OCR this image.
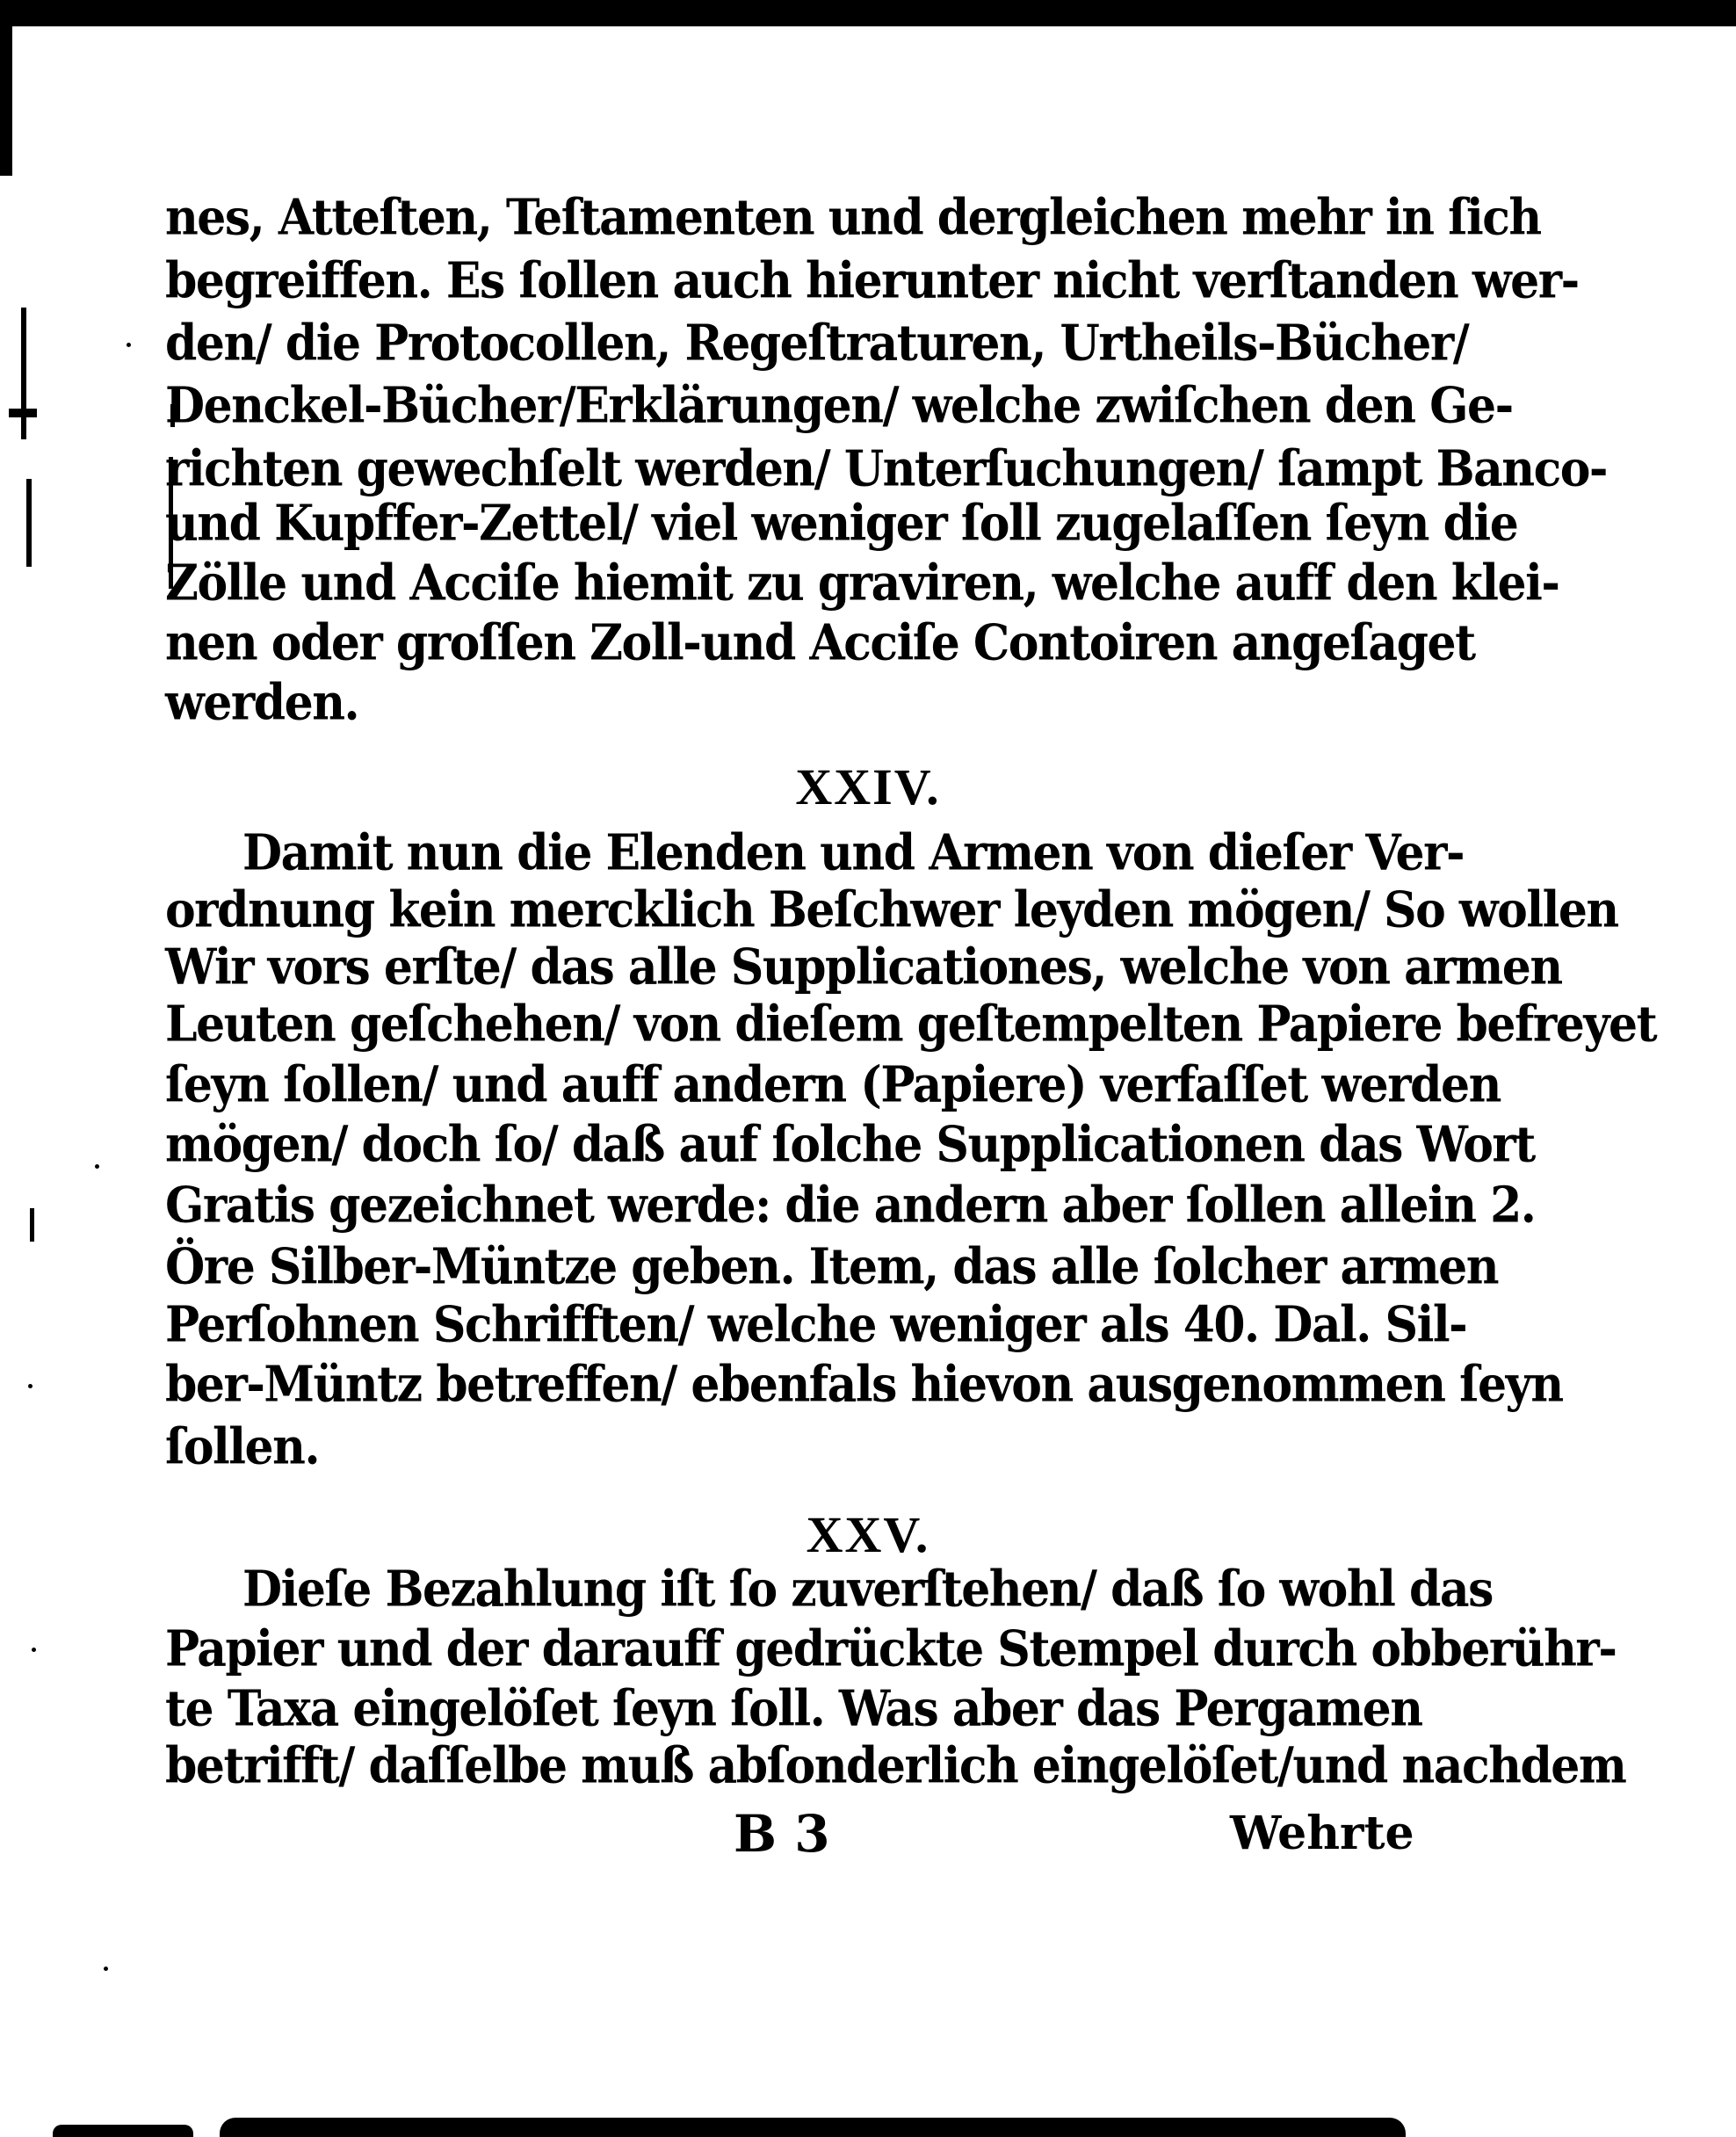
nes, Atteſten, Teſtamenten und dergleichen mehr in ſich
begreiffen. Es ſollen auch hierunter nicht verſtanden wer-
den/ die Protocollen, Regeſtraturen, Urtheils-Bücher/
Denckel-Bücher/Erklärungen/ welche zwiſchen den Ge-
richten gewechſelt werden/ Unterſuchungen/ ſampt Banco-
und Kupffer-Zettel/ viel weniger ſoll zugelaſſen ſeyn die
Zölle und Acciſe hiemit zu graviren, welche auff den klei-
nen oder groſſen Zoll-und Acciſe Contoiren angeſaget
werden.
XXIV.
Damit nun die Elenden und Armen von dieſer Ver-
ordnung kein mercklich Beſchwer leyden mögen/ So wollen
Wir vors erſte/ das alle Supplicationes, welche von armen
Leuten geſchehen/ von dieſem geſtempelten Papiere befreyet
ſeyn ſollen/ und auff andern (Papiere) verfaſſet werden
mögen/ doch ſo/ daß auf ſolche Supplicationen das Wort
Gratis gezeichnet werde: die andern aber ſollen allein 2.
Öre Silber-Müntze geben. Item, das alle ſolcher armen
Perſohnen Schrifften/ welche weniger als 40. Dal. Sil-
ber-Müntz betreffen/ ebenfals hievon ausgenommen ſeyn
ſollen.
XXV.
Dieſe Bezahlung iſt ſo zuverſtehen/ daß ſo wohl das
Papier und der darauff gedrückte Stempel durch obberühr-
te Taxa eingelöſet ſeyn ſoll. Was aber das Pergamen
betrifft/ daſſelbe muß abſonderlich eingelöſet/und nachdem
B 3	Wehrte
